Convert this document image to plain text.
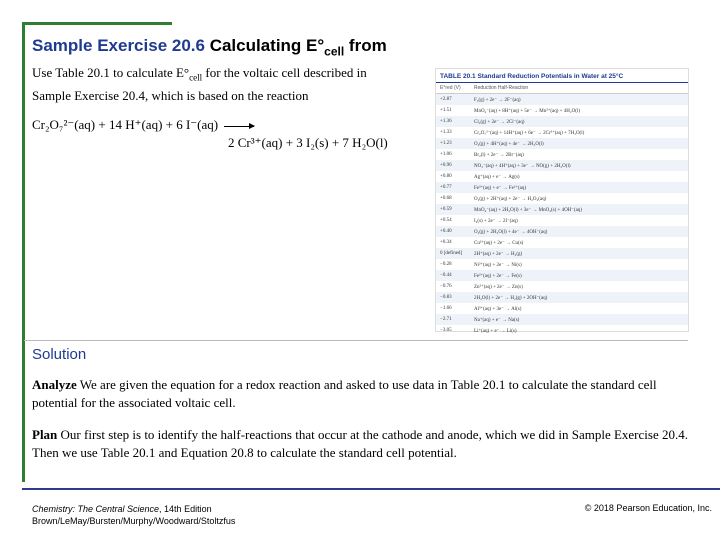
Sample Exercise 20.6 Calculating $E^\circ_{cell}$ from
Use Table 20.1 to calculate $E^\circ_{cell}$ for the voltaic cell described in Sample Exercise 20.4, which is based on the reaction
Cr₂O₇²⁻(aq) + 14 H⁺(aq) + 6 I⁻(aq) →
2 Cr³⁺(aq) + 3 I₂(s) + 7 H₂O(l)
TABLE 20.1 Standard Reduction Potentials in Water at 25°C
E°red (V)	Reduction Half-Reaction
+2.87	F₂(g) + 2e⁻ → 2F⁻(aq)
+1.51	MnO₄⁻(aq) + 8H⁺(aq) + 5e⁻ → Mn²⁺(aq) + 4H₂O(l)
+1.36	Cl₂(g) + 2e⁻ → 2Cl⁻(aq)
+1.33	Cr₂O₇²⁻(aq) + 14H⁺(aq) + 6e⁻ → 2Cr³⁺(aq) + 7H₂O(l)
+1.23	O₂(g) + 4H⁺(aq) + 4e⁻ → 2H₂O(l)
+1.06	Br₂(l) + 2e⁻ → 2Br⁻(aq)
+0.96	NO₃⁻(aq) + 4H⁺(aq) + 3e⁻ → NO(g) + 2H₂O(l)
+0.80	Ag⁺(aq) + e⁻ → Ag(s)
+0.77	Fe³⁺(aq) + e⁻ → Fe²⁺(aq)
+0.68	O₂(g) + 2H⁺(aq) + 2e⁻ → H₂O₂(aq)
+0.59	MnO₄⁻(aq) + 2H₂O(l) + 3e⁻ → MnO₂(s) + 4OH⁻(aq)
+0.54	I₂(s) + 2e⁻ → 2I⁻(aq)
+0.40	O₂(g) + 2H₂O(l) + 4e⁻ → 4OH⁻(aq)
+0.34	Cu²⁺(aq) + 2e⁻ → Cu(s)
0 [defined]	2H⁺(aq) + 2e⁻ → H₂(g)
−0.28	Ni²⁺(aq) + 2e⁻ → Ni(s)
−0.44	Fe²⁺(aq) + 2e⁻ → Fe(s)
−0.76	Zn²⁺(aq) + 2e⁻ → Zn(s)
−0.83	2H₂O(l) + 2e⁻ → H₂(g) + 2OH⁻(aq)
−1.66	Al³⁺(aq) + 3e⁻ → Al(s)
−2.71	Na⁺(aq) + e⁻ → Na(s)
−3.05	Li⁺(aq) + e⁻ → Li(s)
Solution
Analyze We are given the equation for a redox reaction and asked to use data in Table 20.1 to calculate the standard cell potential for the associated voltaic cell.
Plan Our first step is to identify the half-reactions that occur at the cathode and anode, which we did in Sample Exercise 20.4. Then we use Table 20.1 and Equation 20.8 to calculate the standard cell potential.
Chemistry: The Central Science, 14th Edition
Brown/LeMay/Bursten/Murphy/Woodward/Stoltzfus
© 2018 Pearson Education, Inc.
